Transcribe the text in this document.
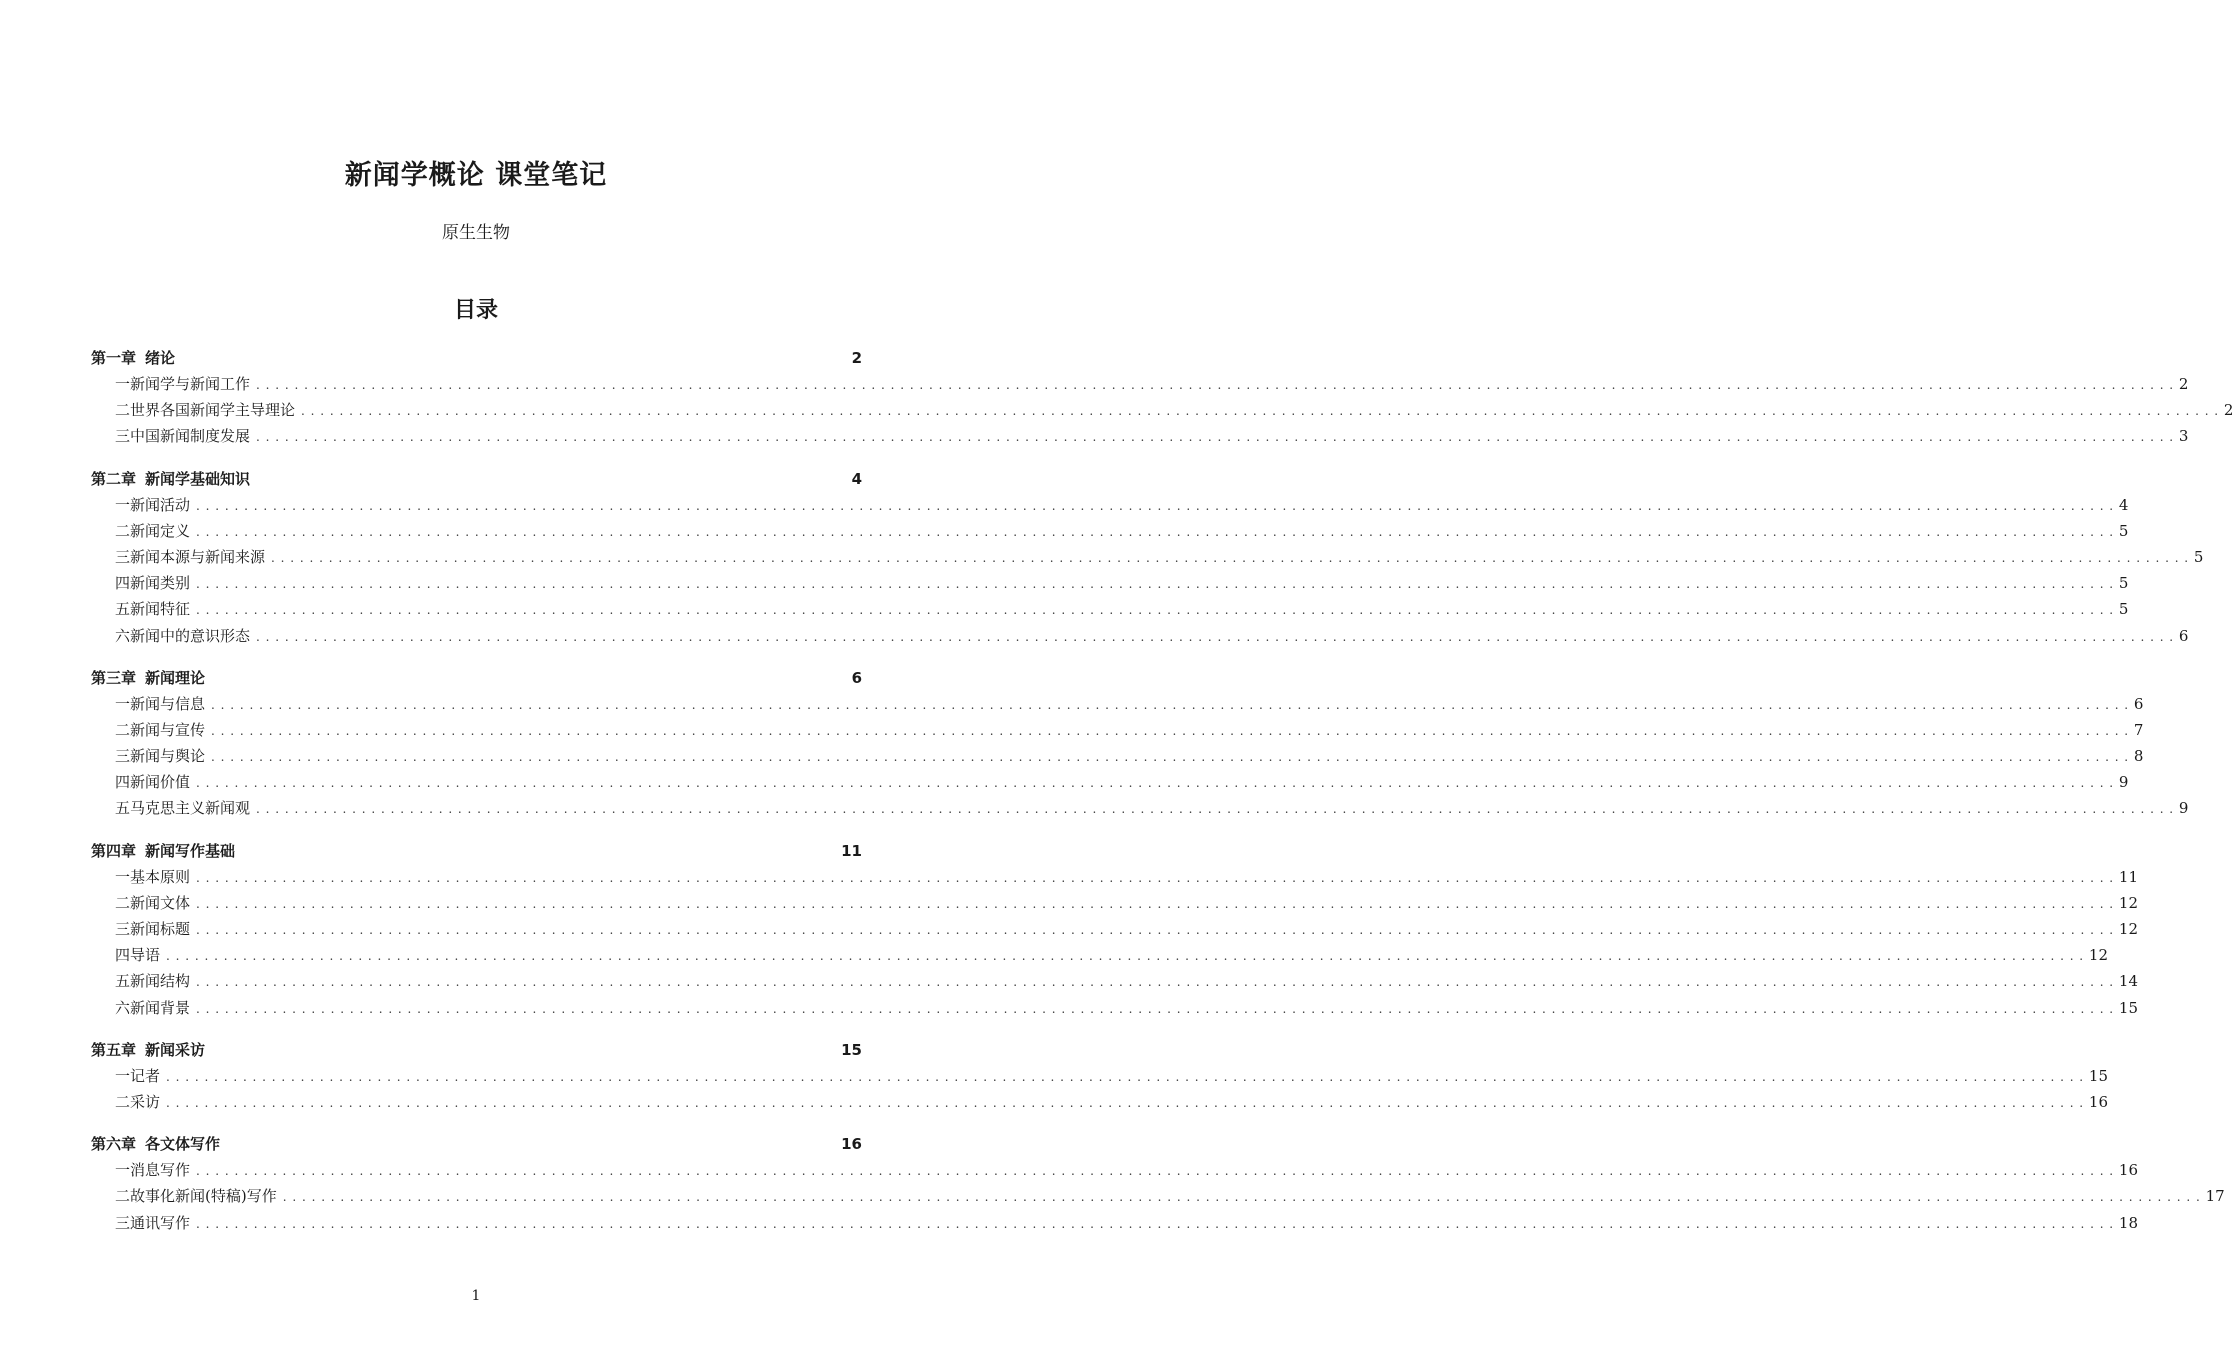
新闻学概论 课堂笔记
原生生物
目录
第一章 绪论	2
一 新闻学与新闻工作 ........................................................................................................................................................................................................ 2
二 世界各国新闻学主导理论 ........................................................................................................................................................................................................ 2
三 中国新闻制度发展 ........................................................................................................................................................................................................ 3
第二章 新闻学基础知识	4
一 新闻活动 ........................................................................................................................................................................................................ 4
二 新闻定义 ........................................................................................................................................................................................................ 5
三 新闻本源与新闻来源 ........................................................................................................................................................................................................ 5
四 新闻类别 ........................................................................................................................................................................................................ 5
五 新闻特征 ........................................................................................................................................................................................................ 5
六 新闻中的意识形态 ........................................................................................................................................................................................................ 6
第三章 新闻理论	6
一 新闻与信息 ........................................................................................................................................................................................................ 6
二 新闻与宣传 ........................................................................................................................................................................................................ 7
三 新闻与舆论 ........................................................................................................................................................................................................ 8
四 新闻价值 ........................................................................................................................................................................................................ 9
五 马克思主义新闻观 ........................................................................................................................................................................................................ 9
第四章 新闻写作基础	11
一 基本原则 ........................................................................................................................................................................................................ 11
二 新闻文体 ........................................................................................................................................................................................................ 12
三 新闻标题 ........................................................................................................................................................................................................ 12
四 导语 ........................................................................................................................................................................................................ 12
五 新闻结构 ........................................................................................................................................................................................................ 14
六 新闻背景 ........................................................................................................................................................................................................ 15
第五章 新闻采访	15
一 记者 ........................................................................................................................................................................................................ 15
二 采访 ........................................................................................................................................................................................................ 16
第六章 各文体写作	16
一 消息写作 ........................................................................................................................................................................................................ 16
二 故事化新闻(特稿)写作 ........................................................................................................................................................................................................ 17
三 通讯写作 ........................................................................................................................................................................................................ 18
1
